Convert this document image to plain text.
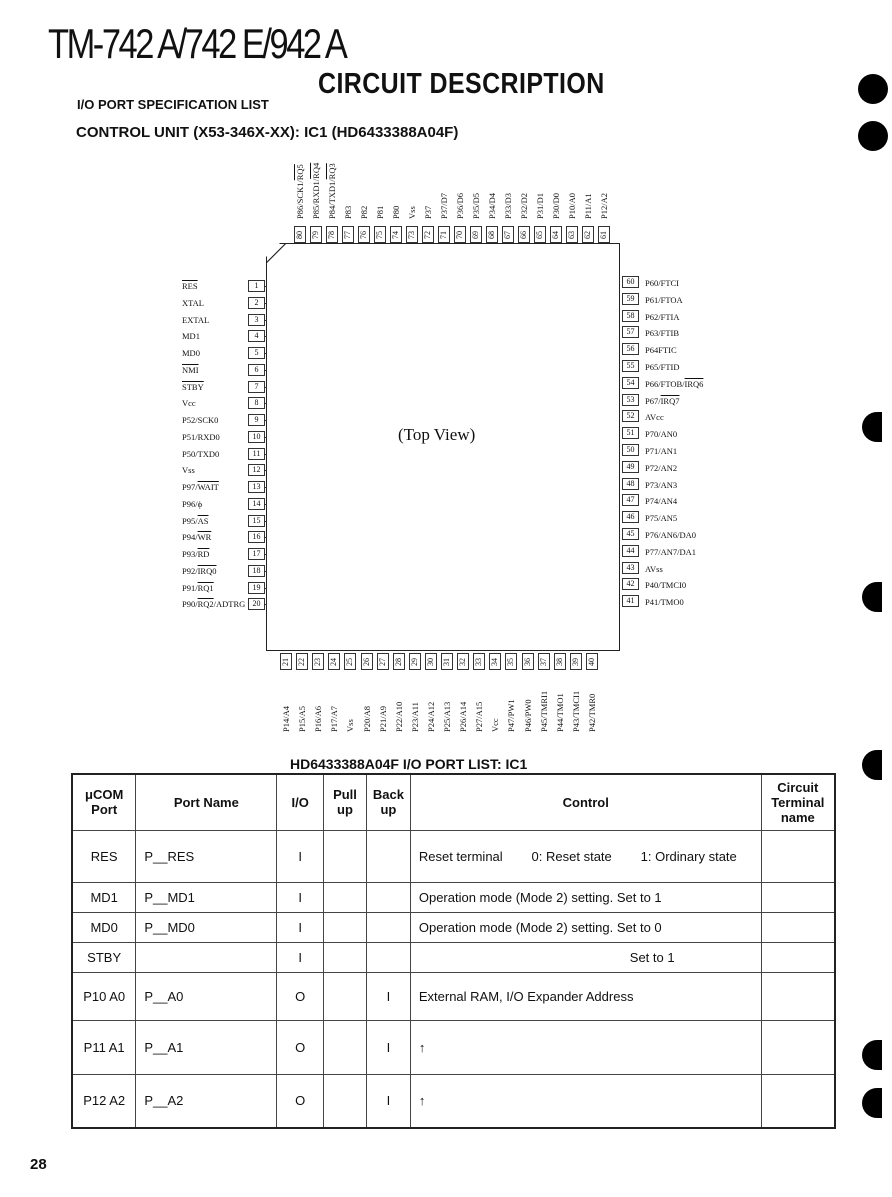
TM-742 A/742 E/942 A
CIRCUIT DESCRIPTION
I/O PORT SPECIFICATION LIST
CONTROL UNIT (X53-346X-XX): IC1 (HD6433388A04F)
(Top View)
1
$\overline{RES}$
2
XTAL
3
EXTAL
4
MD1
5
MD0
6
$\overline{NMI}$
7
STBY
8
Vcc
9
P52/SCK0
10
P51/RXD0
11
P50/TXD0
12
Vss
13
P97/WAIT
14
P96/ϕ
15
$P95/\overline{AS}$
16
$P94/\overline{WR}$
17
$P93/\overline{RD}$
18
P92/IRQ0
19
P91/RQ1
20
P90/RQ2/ADTRG
60	P60/FTCI
59	P61/FTOA
58	P62/FTIA
57	P63/FTIB
56	P64FTIC
55	P65/FTID
54	P66/FTOB/IRQ6
53	P67/IRQ7
52	AVcc
51	P70/AN0
50	P71/AN1
49	P72/AN2
48	P73/AN3
47	P74/AN4
46	P75/AN5
45	P76/AN6/DA0
44	P77/AN7/DA1
43	AVss
42	P40/TMCI0
41	P41/TMO0
80
P86/SCK1/RQ5
79
P85/RXD1/RQ4
78
P84/TXD1/RQ3
77
P83
76
P82
75
P81
74
P80
73
Vss
72
P37
71
P37/D7
70
P36/D6
69
P35/D5
68
P34/D4
67
P33/D3
66
P32/D2
65
P31/D1
64
P30/D0
63
P10/A0
62
P11/A1
61
P12/A2
21
P14/A4
22
P15/A5
23
P16/A6
24
P17/A7
25
Vss
26
P20/A8
27
P21/A9
28
P22/A10
29
P23/A11
30
P24/A12
31
P25/A13
32
P26/A14
33
P27/A15
34
Vcc
35
P47/PW1
36
P46/PW0
37
P45/TMRI1
38
P44/TMO1
39
P43/TMCI1
40
P42/TMR0
HD6433388A04F I/O PORT LIST: IC1
μCOM Port	Port Name	I/O	Pull up	Back up	Control	Circuit Terminal name
RES	P__RES	I			Reset terminal        0: Reset state        1: Ordinary state	
MD1	P__MD1	I			Operation mode (Mode 2) setting. Set to 1	
MD0	P__MD0	I			Operation mode (Mode 2) setting. Set to 0	
STBY		I			Set to 1	
P10 A0	P__A0	O		I	External RAM, I/O Expander Address	
P11 A1	P__A1	O		I	↑	
P12 A2	P__A2	O		I	↑	
28
